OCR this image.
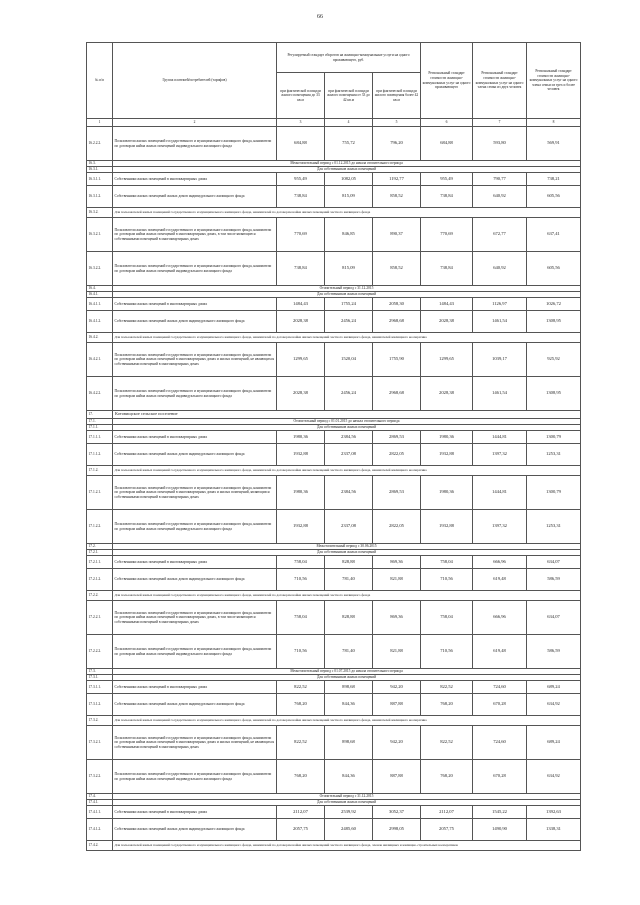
66
№ п/п	Группа платежей/потребителей (тарифов)	Регулируемый стандарт оборотов на жилищно-коммунальные услуги на одного проживающего, руб.			Региональный стандарт стоимости жилищно-коммунальных услуг на одного проживающего	Региональный стандарт стоимости жилищно-коммунальных услуг на одного члена семьи из двух человек	Региональный стандарт стоимости жилищно-коммунальных услуг на одного члена семьи из трех и более человек
		при фактической площади жилого помещения до 33 кв.м	при фактической площади жилого помещения от 33 до 42 кв.м	при фактической площади жилого помещения более 42 кв.м			
1	2	3	4	5	6	7	8
16.2.2.2.	Пользователи жилых помещений государственного и муниципального жилищного фонда, наниматели по договорам найма жилых помещений индивидуального жилищного фонда	684,88	755,72	796,20	684,88	593,80	569,91
16.3.	Межотопительный период с 01.12.2015 до начала отопительного периода						
16.3.1.	Для собственников жилых помещений						
16.3.1.1.	Собственники жилых помещений в многоквартирных домах	955,49	1082,05	1192,77	955,49	790,77	738,21
16.3.1.2.	Собственники жилых помещений жилых домов индивидуального жилищного фонда	738,84	815,09	858,52	738,84	640,92	605,56
16.3.2.	Для пользователей жилых помещений государственного и муниципального жилищного фонда, нанимателей по договорам найма жилых помещений частного жилищного фонда						
16.3.2.1.	Пользователи жилых помещений государственного и муниципального жилищного фонда, наниматели по договорам найма жилых помещений в многоквартирных домах, в том числе являющиеся собственниками помещений в многоквартирных домах	770,69	846,85	890,37	770,69	672,77	637,41
16.3.2.2.	Пользователи жилых помещений государственного и муниципального жилищного фонда, наниматели по договорам найма жилых помещений индивидуального жилищного фонда	738,84	815,09	858,52	738,84	640,92	605,56
16.4.	Отопительный период с 31.12.2015						
16.4.1.	Для собственников жилых помещений						
16.4.1.1.	Собственники жилых помещений в многоквартирных домах	1484,43	1755,24	2058,30	1484,43	1126,97	1026,72
16.4.1.2.	Собственники жилых помещений жилых домов индивидуального жилищного фонда	2028,38	2456,24	2968,68	2028,38	1461,54	1308,95
16.4.2.	Для пользователей жилых помещений государственного и муниципального жилищного фонда, нанимателей по договорам найма жилых помещений частного жилищного фонда, нанимателей жилищного кооператива						
16.4.2.1.	Пользователи жилых помещений государственного и муниципального жилищного фонда, наниматели по договорам найма жилых помещений в многоквартирных домах и жилых помещений, не являющихся собственниками помещений в многоквартирных домах	1299,65	1520,04	1755,90	1299,65	1039,17	925,92
16.4.2.2.	Пользователи жилых помещений государственного и муниципального жилищного фонда, наниматели по договорам найма жилых помещений индивидуального жилищного фонда	2028,38	2456,24	2968,68	2028,38	1461,54	1308,95
17.	Котовищское сельское поселение						
17.1.	Отопительный период с 01.01.2015 до начала отопительного периода						
17.1.1.	Для собственников жилых помещений						
17.1.1.1.	Собственники жилых помещений в многоквартирных домах	1980,36	2384,56	2869,53	1980,36	1444,81	1300,79
17.1.1.2.	Собственники жилых помещений жилых домов индивидуального жилищного фонда	1932,88	2337,08	2822,05	1932,88	1397,32	1253,31
17.1.2.	Для пользователей жилых помещений государственного и муниципального жилищного фонда, нанимателей по договорам найма жилых помещений частного жилищного фонда, нанимателей жилищного кооператива						
17.1.2.1.	Пользователи жилых помещений государственного и муниципального жилищного фонда, наниматели по договорам найма жилых помещений в многоквартирных домах и жилых помещений, являющихся собственниками помещений в многоквартирных домах	1980,36	2384,56	2869,53	1980,36	1444,81	1300,79
17.1.2.2.	Пользователи жилых помещений государственного и муниципального жилищного фонда, наниматели по договорам найма жилых помещений индивидуального жилищного фонда	1932,88	2337,08	2822,05	1932,88	1397,32	1253,31
17.2.	Межотопительный период с 30.06.2015						
17.2.1.	Для собственников жилых помещений						
17.2.1.1.	Собственники жилых помещений в многоквартирных домах	758,04	828,88	869,36	758,04	666,96	634,07
17.2.1.2.	Собственники жилых помещений жилых домов индивидуального жилищного фонда	710,56	781,40	821,88	710,56	619,48	586,59
17.2.2.	Для пользователей жилых помещений государственного и муниципального жилищного фонда, нанимателей по договорам найма жилых помещений частного жилищного фонда						
17.2.2.1.	Пользователи жилых помещений государственного и муниципального жилищного фонда, наниматели по договорам найма жилых помещений в многоквартирных домах, в том числе являющиеся собственниками помещений в многоквартирных домах	758,04	828,88	869,36	758,04	666,96	634,07
17.2.2.2.	Пользователи жилых помещений государственного и муниципального жилищного фонда, наниматели по договорам найма жилых помещений индивидуального жилищного фонда	710,56	781,40	821,88	710,56	619,48	586,59
17.3.	Межотопительный период с 01.07.2015 до начала отопительного периода						
17.3.1.	Для собственников жилых помещений						
17.3.1.1.	Собственники жилых помещений в многоквартирных домах	822,52	898,68	942,20	822,52	724,60	689,24
17.3.1.2.	Собственники жилых помещений жилых домов индивидуального жилищного фонда	768,20	844,36	887,88	768,20	670,28	634,92
17.3.2.	Для пользователей жилых помещений государственного и муниципального жилищного фонда, нанимателей по договорам найма жилых помещений частного жилищного фонда, нанимателей жилищного кооператива						
17.3.2.1.	Пользователи жилых помещений государственного и муниципального жилищного фонда, наниматели по договорам найма жилых помещений в многоквартирных домах и жилых помещений, не являющихся собственниками помещений в многоквартирных домах	822,52	898,68	942,20	822,52	724,60	689,24
17.3.2.2.	Пользователи жилых помещений государственного и муниципального жилищного фонда, наниматели по договорам найма жилых помещений индивидуального жилищного фонда	768,20	844,36	887,88	768,20	670,28	634,92
17.4.	Отопительный период с 31.12.2015						
17.4.1.	Для собственников жилых помещений						
17.4.1.1.	Собственники жилых помещений в многоквартирных домах	2112,07	2539,92	3052,37	2112,07	1545,22	1392,63
17.4.1.2.	Собственники жилых помещений жилых домов индивидуального жилищного фонда	2057,75	2485,60	2998,05	2057,75	1490,90	1338,31
17.4.2.	Для пользователей жилых помещений государственного и муниципального жилищного фонда, нанимателей по договорам найма жилых помещений частного жилищного фонда, членов жилищных и жилищно-строительных кооперативов						
